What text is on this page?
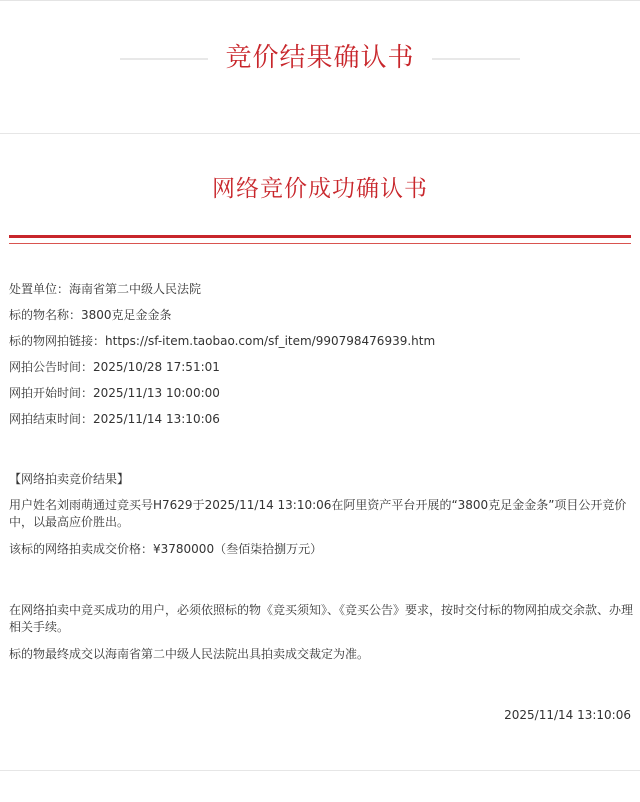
竞价结果确认书
网络竞价成功确认书
处置单位：海南省第二中级人民法院
标的物名称：3800克足金金条
标的物网拍链接：https://sf-item.taobao.com/sf_item/990798476939.htm
网拍公告时间：2025/10/28 17:51:01
网拍开始时间：2025/11/13 10:00:00
网拍结束时间：2025/11/14 13:10:06
【网络拍卖竞价结果】
用户姓名刘雨萌通过竞买号H7629于2025/11/14 13:10:06在阿里资产平台开展的“3800克足金金条”项目公开竞价中，以最高应价胜出。
该标的网络拍卖成交价格：¥3780000（叁佰柒拾捌万元）
在网络拍卖中竞买成功的用户，必须依照标的物《竞买须知》、《竞买公告》要求，按时交付标的物网拍成交余款、办理相关手续。
标的物最终成交以海南省第二中级人民法院出具拍卖成交裁定为准。
2025/11/14 13:10:06
